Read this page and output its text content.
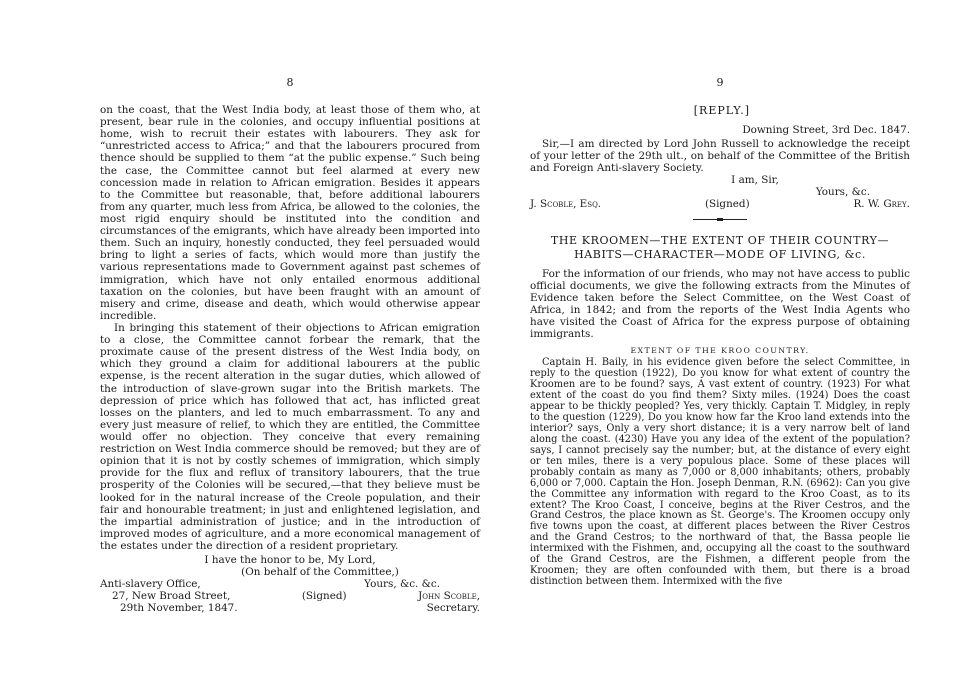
8

on the coast, that the West India body, at least those of them who, at present, bear rule in the colonies, and occupy influential positions at home, wish to recruit their estates with labourers. They ask for “unrestricted access to Africa;” and that the labourers procured from thence should be supplied to them “at the public expense.” Such being the case, the Committee cannot but feel alarmed at every new concession made in relation to African emigration. Besides it appears to the Committee but reasonable, that, before additional labourers from any quarter, much less from Africa, be allowed to the colonies, the most rigid enquiry should be instituted into the condition and circumstances of the emigrants, which have already been imported into them. Such an inquiry, honestly conducted, they feel persuaded would bring to light a series of facts, which would more than justify the various representations made to Government against past schemes of immigration, which have not only entailed enormous additional taxation on the colonies, but have been fraught with an amount of misery and crime, disease and death, which would otherwise appear incredible.

In bringing this statement of their objections to African emigration to a close, the Committee cannot forbear the remark, that the proximate cause of the present distress of the West India body, on which they ground a claim for additional labourers at the public expense, is the recent alteration in the sugar duties, which allowed of the introduction of slave-grown sugar into the British markets. The depression of price which has followed that act, has inflicted great losses on the planters, and led to much embarrassment. To any and every just measure of relief, to which they are entitled, the Committee would offer no objection. They conceive that every remaining restriction on West India commerce should be removed; but they are of opinion that it is not by costly schemes of immigration, which simply provide for the flux and reflux of transitory labourers, that the true prosperity of the Colonies will be secured,—that they believe must be looked for in the natural increase of the Creole population, and their fair and honourable treatment; in just and enlightened legislation, and the impartial administration of justice; and in the introduction of improved modes of agriculture, and a more economical management of the estates under the direction of a resident proprietary.

I have the honor to be, My Lord,

(On behalf of the Committee,)

Anti-slavery Office,	Yours, &c. &c.
27, New Broad Street,	(Signed)	John Scoble,
29th November, 1847.	Secretary.
9
[REPLY.]
Downing Street, 3rd Dec. 1847.

Sir,—I am directed by Lord John Russell to acknowledge the receipt of your letter of the 29th ult., on behalf of the Committee of the British and Foreign Anti-slavery Society.

I am, Sir,
Yours, &c.
J. Scoble, Esq.	(Signed)	R. W. Grey.
THE KROOMEN—THE EXTENT OF THEIR COUNTRY—
HABITS—CHARACTER—MODE OF LIVING, &c.

For the information of our friends, who may not have access to public official documents, we give the following extracts from the Minutes of Evidence taken before the Select Committee, on the West Coast of Africa, in 1842; and from the reports of the West India Agents who have visited the Coast of Africa for the express purpose of obtaining immigrants.

EXTENT OF THE KROO COUNTRY.

Captain H. Baily, in his evidence given before the select Committee, in reply to the question (1922), Do you know for what extent of country the Kroomen are to be found? says, A vast extent of country. (1923) For what extent of the coast do you find them? Sixty miles. (1924) Does the coast appear to be thickly peopled? Yes, very thickly. Captain T. Midgley, in reply to the question (1229), Do you know how far the Kroo land extends into the interior? says, Only a very short distance; it is a very narrow belt of land along the coast. (4230) Have you any idea of the extent of the population? says, I cannot precisely say the number; but, at the distance of every eight or ten miles, there is a very populous place. Some of these places will probably contain as many as 7,000 or 8,000 inhabitants; others, probably 6,000 or 7,000. Captain the Hon. Joseph Denman, R.N. (6962): Can you give the Committee any information with regard to the Kroo Coast, as to its extent? The Kroo Coast, I conceive, begins at the River Cestros, and the Grand Cestros, the place known as St. George's. The Kroomen occupy only five towns upon the coast, at different places between the River Cestros and the Grand Cestros; to the northward of that, the Bassa people lie intermixed with the Fishmen, and, occupying all the coast to the southward of the Grand Cestros, are the Fishmen, a different people from the Kroomen; they are often confounded with them, but there is a broad distinction between them. Intermixed with the five
